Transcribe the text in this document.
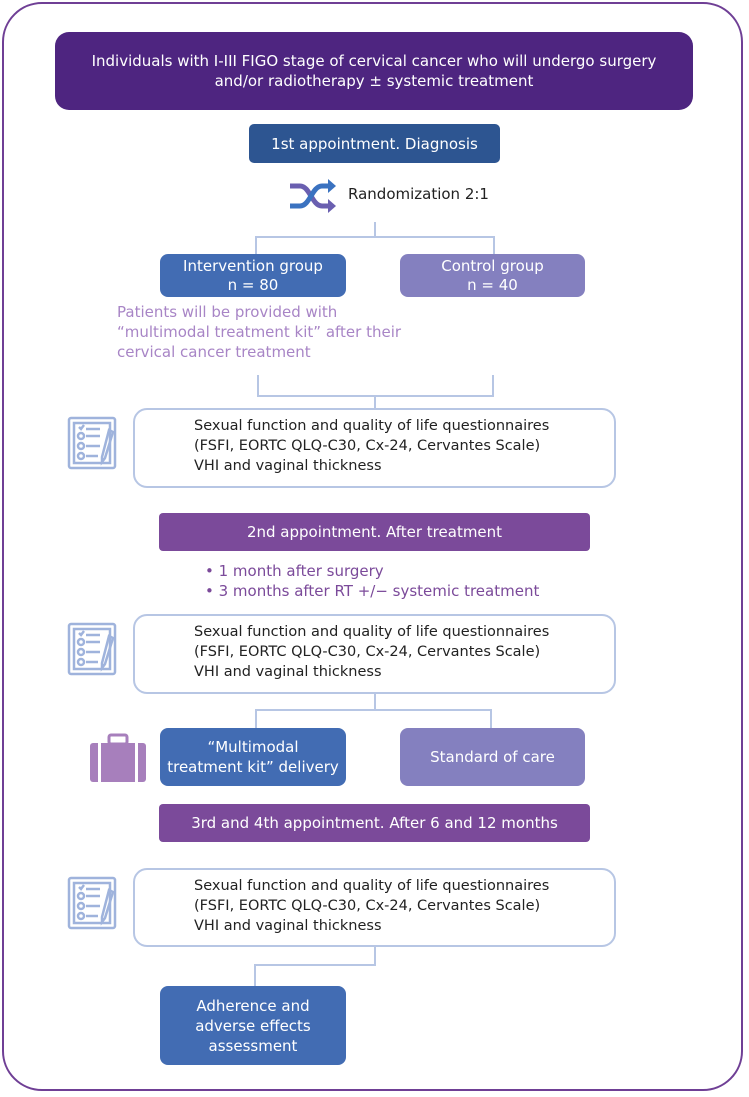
Individuals with I-III FIGO stage of cervical cancer who will undergo surgery
and/or radiotherapy ± systemic treatment
1st appointment. Diagnosis
Randomization 2:1
Intervention group
n = 80
Control group
n = 40
Patients will be provided with
“multimodal treatment kit” after their
cervical cancer treatment
Sexual function and quality of life questionnaires
(FSFI, EORTC QLQ-C30, Cx-24, Cervantes Scale)
VHI and vaginal thickness
Sexual function and quality of life questionnaires
(FSFI, EORTC QLQ-C30, Cx-24, Cervantes Scale)
VHI and vaginal thickness
Sexual function and quality of life questionnaires
(FSFI, EORTC QLQ-C30, Cx-24, Cervantes Scale)
VHI and vaginal thickness
2nd appointment. After treatment
• 1 month after surgery
• 3 months after RT +/− systemic treatment
“Multimodal
treatment kit” delivery
Standard of care
3rd and 4th appointment. After 6 and 12 months
Adherence and
adverse effects
assessment
